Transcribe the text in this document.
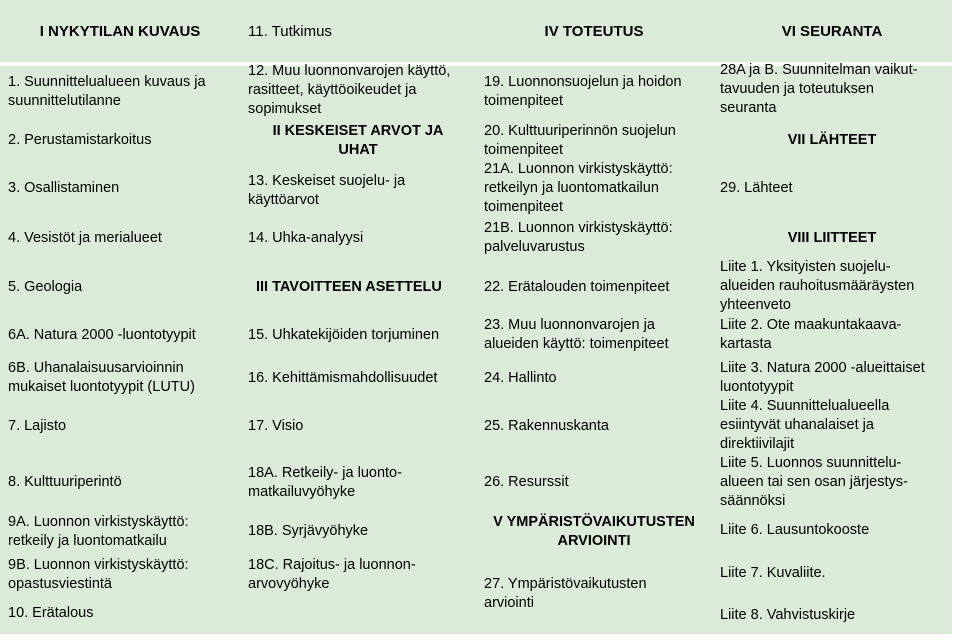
I NYKYTILAN KUVAUS
1. Suunnittelualueen kuvaus ja
suunnittelutilanne
2. Perustamistarkoitus
3. Osallistaminen
4. Vesistöt ja merialueet
5. Geologia
6A. Natura 2000 -luontotyypit
6B. Uhanalaisuusarvioinnin
mukaiset luontotyypit (LUTU)
7. Lajisto
8. Kulttuuriperintö
9A. Luonnon virkistyskäyttö:
retkeily ja luontomatkailu
9B. Luonnon virkistyskäyttö:
opastusviestintä
10. Erätalous
11. Tutkimus
12. Muu luonnonvarojen käyttö,
rasitteet, käyttöoikeudet ja
sopimukset
II KESKEISET ARVOT JA
UHAT
13. Keskeiset suojelu- ja
käyttöarvot
14. Uhka-analyysi
III TAVOITTEEN ASETTELU
15. Uhkatekijöiden torjuminen
16. Kehittämismahdollisuudet
17. Visio
18A. Retkeily- ja luonto-
matkailuvyöhyke
18B. Syrjävyöhyke
18C. Rajoitus- ja luonnon-
arvovyöhyke
IV TOTEUTUS
19. Luonnonsuojelun ja hoidon
toimenpiteet
20. Kulttuuriperinnön suojelun
toimenpiteet
21A. Luonnon virkistyskäyttö:
retkeilyn ja luontomatkailun
toimenpiteet
21B. Luonnon virkistyskäyttö:
palveluvarustus
22. Erätalouden toimenpiteet
23. Muu luonnonvarojen ja
alueiden käyttö: toimenpiteet
24. Hallinto
25. Rakennuskanta
26. Resurssit
V YMPÄRISTÖVAIKUTUSTEN
ARVIOINTI
27. Ympäristövaikutusten
arviointi
VI SEURANTA
28A ja B. Suunnitelman vaikut-
tavuuden ja toteutuksen
seuranta
VII LÄHTEET
29. Lähteet
VIII LIITTEET
Liite 1. Yksityisten suojelu-
alueiden rauhoitusmääräysten
yhteenveto
Liite 2. Ote maakuntakaava-
kartasta
Liite 3. Natura 2000 -alueittaiset
luontotyypit
Liite 4. Suunnittelualueella
esiintyvät uhanalaiset ja
direktiivilajit
Liite 5. Luonnos suunnittelu-
alueen tai sen osan järjestys-
säännöksi
Liite 6. Lausuntokooste
Liite 7. Kuvaliite.
Liite 8. Vahvistuskirje
